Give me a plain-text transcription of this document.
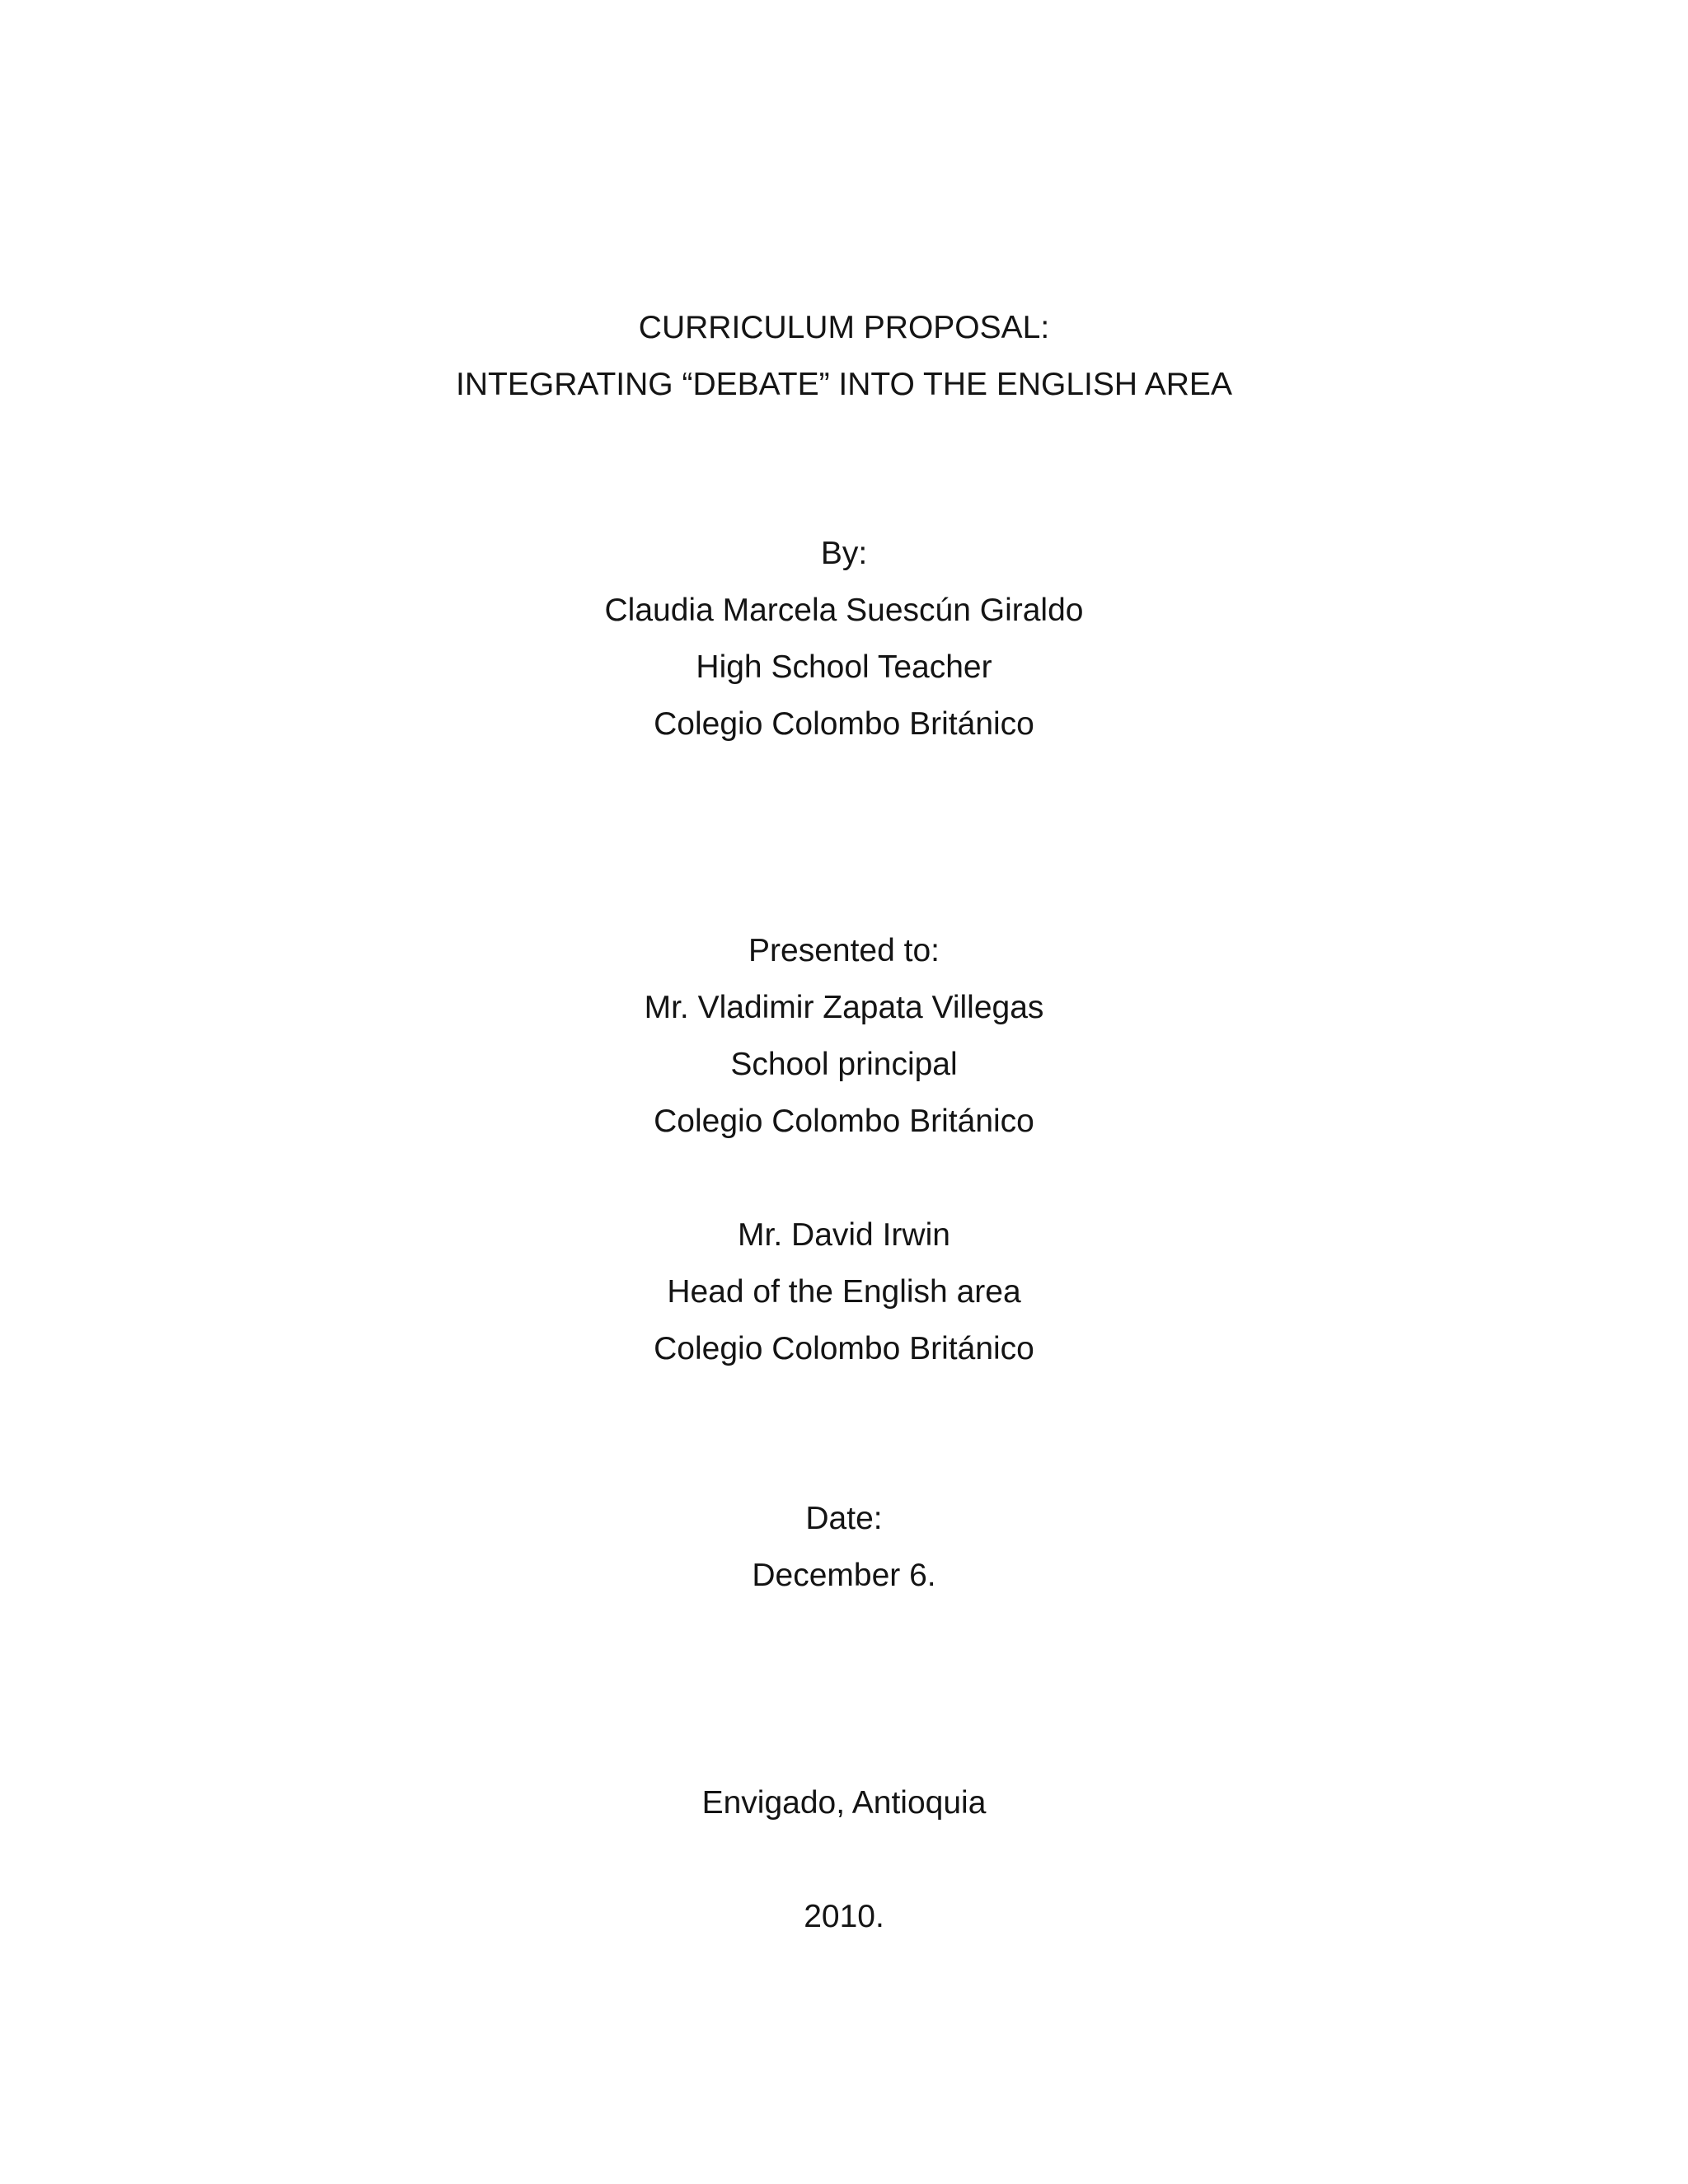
CURRICULUM PROPOSAL:
INTEGRATING “DEBATE” INTO THE ENGLISH AREA
By:
Claudia Marcela Suescún Giraldo
High School Teacher
Colegio Colombo Británico
Presented to:
Mr. Vladimir Zapata Villegas
School principal
Colegio Colombo Británico
Mr. David Irwin
Head of the English area
Colegio Colombo Británico
Date:
December 6.
Envigado, Antioquia
2010.
